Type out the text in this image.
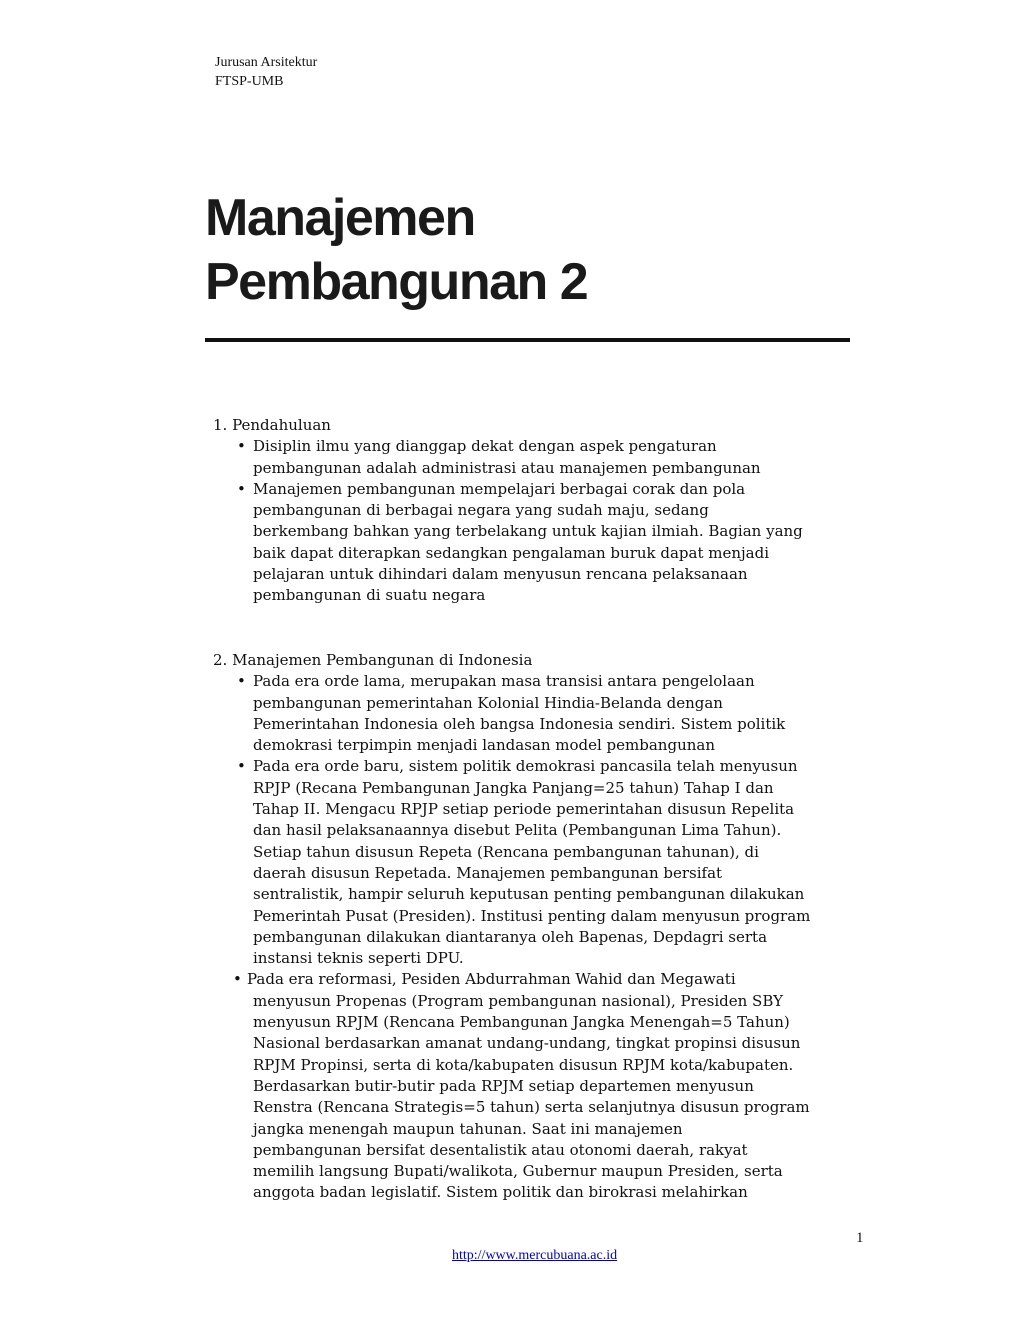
Jurusan Arsitektur
FTSP-UMB
Manajemen
Pembangunan 2
1. Pendahuluan
• Disiplin ilmu yang dianggap dekat dengan aspek pengaturan
pembangunan adalah administrasi atau manajemen pembangunan
• Manajemen pembangunan mempelajari berbagai corak dan pola
pembangunan di berbagai negara yang sudah maju, sedang
berkembang bahkan yang terbelakang untuk kajian ilmiah. Bagian yang
baik dapat diterapkan sedangkan pengalaman buruk dapat menjadi
pelajaran untuk dihindari dalam menyusun rencana pelaksanaan
pembangunan di suatu negara
2. Manajemen Pembangunan di Indonesia
• Pada era orde lama, merupakan masa transisi antara pengelolaan
pembangunan pemerintahan Kolonial Hindia-Belanda dengan
Pemerintahan Indonesia oleh bangsa Indonesia sendiri. Sistem politik
demokrasi terpimpin menjadi landasan model pembangunan
• Pada era orde baru, sistem politik demokrasi pancasila telah menyusun
RPJP (Recana Pembangunan Jangka Panjang=25 tahun) Tahap I dan
Tahap II. Mengacu RPJP setiap periode pemerintahan disusun Repelita
dan hasil pelaksanaannya disebut Pelita (Pembangunan Lima Tahun).
Setiap tahun disusun Repeta (Rencana pembangunan tahunan), di
daerah disusun Repetada. Manajemen pembangunan bersifat
sentralistik, hampir seluruh keputusan penting pembangunan dilakukan
Pemerintah Pusat (Presiden). Institusi penting dalam menyusun program
pembangunan dilakukan diantaranya oleh Bapenas, Depdagri serta
instansi teknis seperti DPU.
• Pada era reformasi, Pesiden Abdurrahman Wahid dan Megawati
menyusun Propenas (Program pembangunan nasional), Presiden SBY
menyusun RPJM (Rencana Pembangunan Jangka Menengah=5 Tahun)
Nasional berdasarkan amanat undang-undang, tingkat propinsi disusun
RPJM Propinsi, serta di kota/kabupaten disusun RPJM kota/kabupaten.
Berdasarkan butir-butir pada RPJM setiap departemen menyusun
Renstra (Rencana Strategis=5 tahun) serta selanjutnya disusun program
jangka menengah maupun tahunan. Saat ini manajemen
pembangunan bersifat desentalistik atau otonomi daerah, rakyat
memilih langsung Bupati/walikota, Gubernur maupun Presiden, serta
anggota badan legislatif. Sistem politik dan birokrasi melahirkan
1
http://www.mercubuana.ac.id
